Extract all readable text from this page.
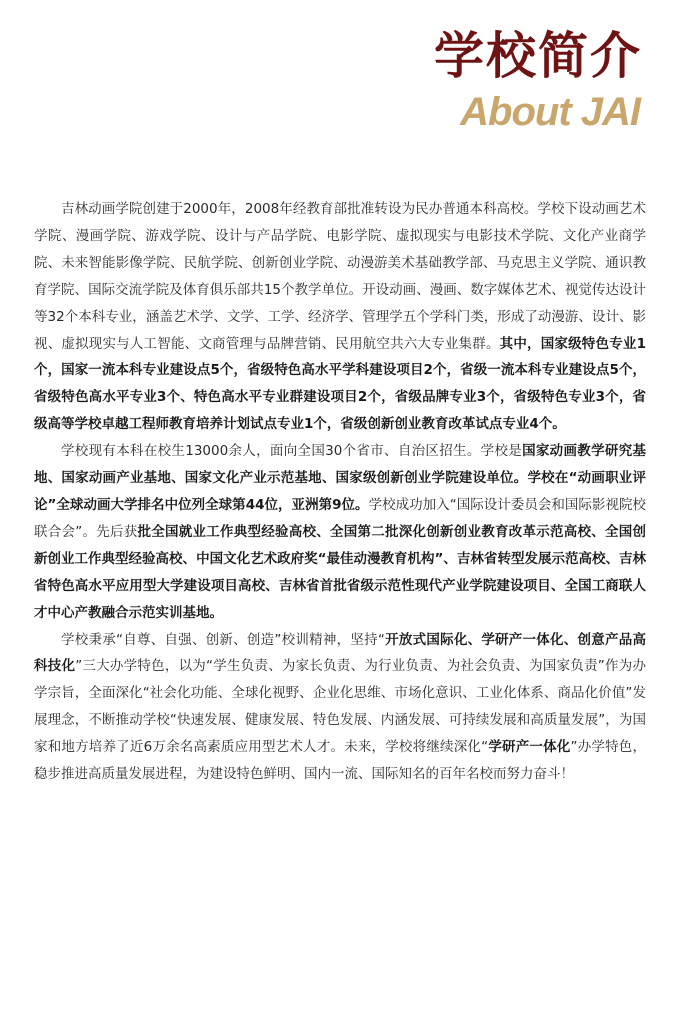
学校简介
About JAI

吉林动画学院创建于2000年，2008年经教育部批准转设为民办普通本科高校。学校下设动画艺术学院、漫画学院、游戏学院、设计与产品学院、电影学院、虚拟现实与电影技术学院、文化产业商学院、未来智能影像学院、民航学院、创新创业学院、动漫游美术基础教学部、马克思主义学院、通识教育学院、国际交流学院及体育俱乐部共15个教学单位。开设动画、漫画、数字媒体艺术、视觉传达设计等32个本科专业，涵盖艺术学、文学、工学、经济学、管理学五个学科门类，形成了动漫游、设计、影视、虚拟现实与人工智能、文商管理与品牌营销、民用航空共六大专业集群。其中，国家级特色专业1个，国家一流本科专业建设点5个，省级特色高水平学科建设项目2个，省级一流本科专业建设点5个，省级特色高水平专业3个、特色高水平专业群建设项目2个，省级品牌专业3个，省级特色专业3个，省级高等学校卓越工程师教育培养计划试点专业1个，省级创新创业教育改革试点专业4个。

学校现有本科在校生13000余人，面向全国30个省市、自治区招生。学校是国家动画教学研究基地、国家动画产业基地、国家文化产业示范基地、国家级创新创业学院建设单位。学校在“动画职业评论”全球动画大学排名中位列全球第44位，亚洲第9位。学校成功加入“国际设计委员会和国际影视院校联合会”。先后获批全国就业工作典型经验高校、全国第二批深化创新创业教育改革示范高校、全国创新创业工作典型经验高校、中国文化艺术政府奖“最佳动漫教育机构”、吉林省转型发展示范高校、吉林省特色高水平应用型大学建设项目高校、吉林省首批省级示范性现代产业学院建设项目、全国工商联人才中心产教融合示范实训基地。

学校秉承“自尊、自强、创新、创造”校训精神，坚持“开放式国际化、学研产一体化、创意产品高科技化”三大办学特色，以为“学生负责、为家长负责、为行业负责、为社会负责、为国家负责”作为办学宗旨，全面深化“社会化功能、全球化视野、企业化思维、市场化意识、工业化体系、商品化价值”发展理念，不断推动学校“快速发展、健康发展、特色发展、内涵发展、可持续发展和高质量发展”，为国家和地方培养了近6万余名高素质应用型艺术人才。未来，学校将继续深化“学研产一体化”办学特色，稳步推进高质量发展进程，为建设特色鲜明、国内一流、国际知名的百年名校而努力奋斗！
